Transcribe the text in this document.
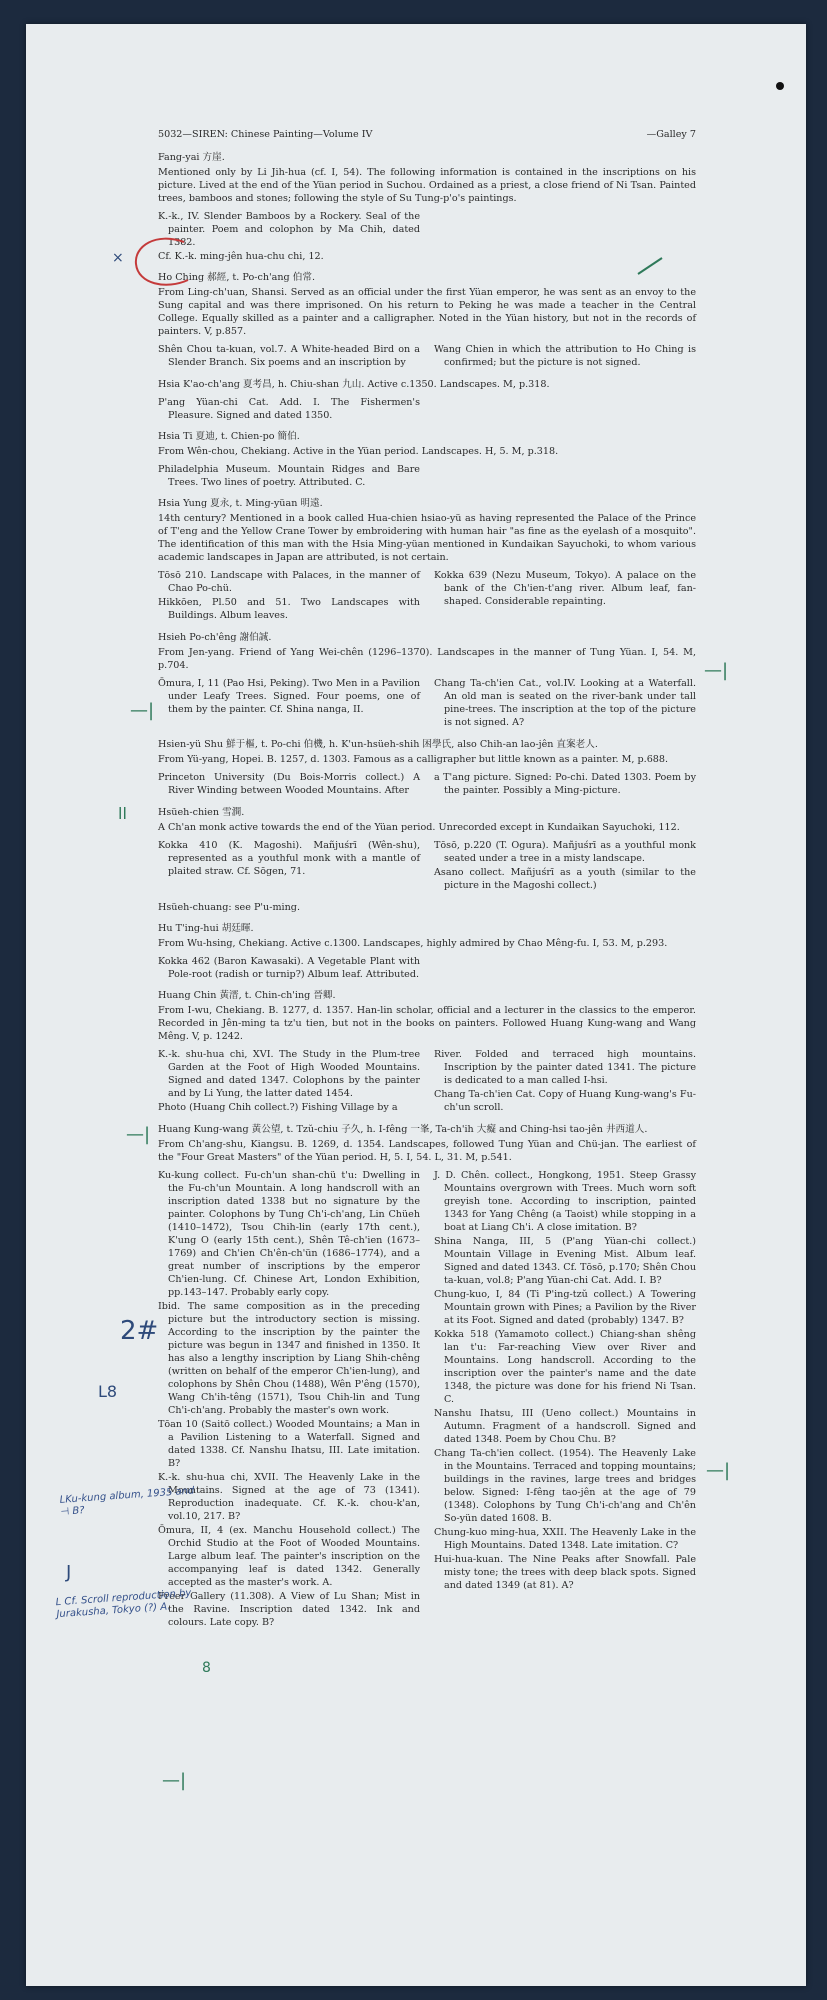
5032—SIREN: Chinese Painting—Volume IV	—Galley 7

Fang-yai 方崖.

Mentioned only by Li Jih-hua (cf. I, 54). The following information is contained in the inscriptions on his picture. Lived at the end of the Yüan period in Suchou. Ordained as a priest, a close friend of Ni Tsan. Painted trees, bamboos and stones; following the style of Su Tung-p'o's paintings.

K.-k., IV. Slender Bamboos by a Rockery. Seal of the painter. Poem and colophon by Ma Chih, dated 1382.

Cf. K.-k. ming-jên hua-chu chi, 12.

Ho Ching 郝經, t. Po-ch'ang 伯常.

From Ling-ch'uan, Shansi. Served as an official under the first Yüan emperor, he was sent as an envoy to the Sung capital and was there imprisoned. On his return to Peking he was made a teacher in the Central College. Equally skilled as a painter and a calligrapher. Noted in the Yüan history, but not in the records of painters. V, p.857.

Shên Chou ta-kuan, vol.7. A White-headed Bird on a Slender Branch. Six poems and an inscription by

Wang Chien in which the attribution to Ho Ching is confirmed; but the picture is not signed.

Hsia K'ao-ch'ang 夏考昌, h. Chiu-shan 九山. Active c.1350. Landscapes. M, p.318.

P'ang Yüan-chi Cat. Add. I. The Fishermen's Pleasure. Signed and dated 1350.

Hsia Ti 夏迪, t. Chien-po 簡伯.

From Wên-chou, Chekiang. Active in the Yüan period. Landscapes. H, 5. M, p.318.

Philadelphia Museum. Mountain Ridges and Bare Trees. Two lines of poetry. Attributed. C.

Hsia Yung 夏永, t. Ming-yüan 明遠.

14th century? Mentioned in a book called Hua-chien hsiao-yü as having represented the Palace of the Prince of T'eng and the Yellow Crane Tower by embroidering with human hair "as fine as the eyelash of a mosquito". The identification of this man with the Hsia Ming-yüan mentioned in Kundaikan Sayuchoki, to whom various academic landscapes in Japan are attributed, is not certain.

Tōsō 210. Landscape with Palaces, in the manner of Chao Po-chü.

Hikkōen, Pl.50 and 51. Two Landscapes with Buildings. Album leaves.

Kokka 639 (Nezu Museum, Tokyo). A palace on the bank of the Ch'ien-t'ang river. Album leaf, fan-shaped. Considerable repainting.

Hsieh Po-ch'êng 謝伯誠.

From Jen-yang. Friend of Yang Wei-chên (1296–1370). Landscapes in the manner of Tung Yüan. I, 54. M, p.704.

Ōmura, I, 11 (Pao Hsi, Peking). Two Men in a Pavilion under Leafy Trees. Signed. Four poems, one of them by the painter. Cf. Shina nanga, II.

Chang Ta-ch'ien Cat., vol.IV. Looking at a Waterfall. An old man is seated on the river-bank under tall pine-trees. The inscription at the top of the picture is not signed. A?

Hsien-yü Shu 鮮于樞, t. Po-chi 伯機, h. K'un-hsüeh-shih 困學氏, also Chih-an lao-jên 直案老人.

From Yü-yang, Hopei. B. 1257, d. 1303. Famous as a calligrapher but little known as a painter. M, p.688.

Princeton University (Du Bois-Morris collect.) A River Winding between Wooded Mountains. After

a T'ang picture. Signed: Po-chi. Dated 1303. Poem by the painter. Possibly a Ming-picture.

Hsüeh-chien 雪澗.

A Ch'an monk active towards the end of the Yüan period. Unrecorded except in Kundaikan Sayuchoki, 112.

Kokka 410 (K. Magoshi). Mañjuśrī (Wên-shu), represented as a youthful monk with a mantle of plaited straw. Cf. Sōgen, 71.

Tōsō, p.220 (T. Ogura). Mañjuśrī as a youthful monk seated under a tree in a misty landscape.

Asano collect. Mañjuśrī as a youth (similar to the picture in the Magoshi collect.)

Hsüeh-chuang: see P'u-ming.

Hu T'ing-hui 胡廷暉.

From Wu-hsing, Chekiang. Active c.1300. Landscapes, highly admired by Chao Mêng-fu. I, 53. M, p.293.

Kokka 462 (Baron Kawasaki). A Vegetable Plant with Pole-root (radish or turnip?) Album leaf. Attributed.

Huang Chin 黃溍, t. Chin-ch'ing 晉卿.

From I-wu, Chekiang. B. 1277, d. 1357. Han-lin scholar, official and a lecturer in the classics to the emperor. Recorded in Jên-ming ta tz'u tien, but not in the books on painters. Followed Huang Kung-wang and Wang Mêng. V, p. 1242.

K.-k. shu-hua chi, XVI. The Study in the Plum-tree Garden at the Foot of High Wooded Mountains. Signed and dated 1347. Colophons by the painter and by Li Yung, the latter dated 1454.

Photo (Huang Chih collect.?) Fishing Village by a

River. Folded and terraced high mountains. Inscription by the painter dated 1341. The picture is dedicated to a man called I-hsi.

Chang Ta-ch'ien Cat. Copy of Huang Kung-wang's Fu-ch'un scroll.

Huang Kung-wang 黃公望, t. Tzŭ-chiu 子久, h. I-fêng 一峯, Ta-ch'ih 大癡 and Ching-hsi tao-jên 井西道人.

From Ch'ang-shu, Kiangsu. B. 1269, d. 1354. Landscapes, followed Tung Yüan and Chü-jan. The earliest of the "Four Great Masters" of the Yüan period. H, 5. I, 54. L, 31. M, p.541.

Ku-kung collect. Fu-ch'un shan-chü t'u: Dwelling in the Fu-ch'un Mountain. A long handscroll with an inscription dated 1338 but no signature by the painter. Colophons by Tung Ch'i-ch'ang, Lin Chüeh (1410–1472), Tsou Chih-lin (early 17th cent.), K'ung O (early 15th cent.), Shên Tê-ch'ien (1673–1769) and Ch'ien Ch'ên-ch'ün (1686–1774), and a great number of inscriptions by the emperor Ch'ien-lung. Cf. Chinese Art, London Exhibition, pp.143–147. Probably early copy.

Ibid. The same composition as in the preceding picture but the introductory section is missing. According to the inscription by the painter the picture was begun in 1347 and finished in 1350. It has also a lengthy inscription by Liang Shih-chêng (written on behalf of the emperor Ch'ien-lung), and colophons by Shên Chou (1488), Wên P'êng (1570), Wang Ch'ih-têng (1571), Tsou Chih-lin and Tung Ch'i-ch'ang. Probably the master's own work.

Tōan 10 (Saitō collect.) Wooded Mountains; a Man in a Pavilion Listening to a Waterfall. Signed and dated 1338. Cf. Nanshu Ihatsu, III. Late imitation. B?

K.-k. shu-hua chi, XVII. The Heavenly Lake in the Mountains. Signed at the age of 73 (1341). Reproduction inadequate. Cf. K.-k. chou-k'an, vol.10, 217. B?

Ōmura, II, 4 (ex. Manchu Household collect.) The Orchid Studio at the Foot of Wooded Mountains. Large album leaf. The painter's inscription on the accompanying leaf is dated 1342. Generally accepted as the master's work. A.

Freer Gallery (11.308). A View of Lu Shan; Mist in the Ravine. Inscription dated 1342. Ink and colours. Late copy. B?

J. D. Chên. collect., Hongkong, 1951. Steep Grassy Mountains overgrown with Trees. Much worn soft greyish tone. According to inscription, painted 1343 for Yang Chêng (a Taoist) while stopping in a boat at Liang Ch'i. A close imitation. B?

Shina Nanga, III, 5 (P'ang Yüan-chi collect.) Mountain Village in Evening Mist. Album leaf. Signed and dated 1343. Cf. Tōsō, p.170; Shên Chou ta-kuan, vol.8; P'ang Yüan-chi Cat. Add. I. B?

Chung-kuo, I, 84 (Ti P'ing-tzŭ collect.) A Towering Mountain grown with Pines; a Pavilion by the River at its Foot. Signed and dated (probably) 1347. B?

Kokka 518 (Yamamoto collect.) Chiang-shan shêng lan t'u: Far-reaching View over River and Mountains. Long handscroll. According to the inscription over the painter's name and the date 1348, the picture was done for his friend Ni Tsan. C.

Nanshu Ihatsu, III (Ueno collect.) Mountains in Autumn. Fragment of a handscroll. Signed and dated 1348. Poem by Chou Chu. B?

Chang Ta-ch'ien collect. (1954). The Heavenly Lake in the Mountains. Terraced and topping mountains; buildings in the ravines, large trees and bridges below. Signed: I-fêng tao-jên at the age of 79 (1348). Colophons by Tung Ch'i-ch'ang and Ch'ên So-yün dated 1608. B.

Chung-kuo ming-hua, XXII. The Heavenly Lake in the High Mountains. Dated 1348. Late imitation. C?

Hui-hua-kuan. The Nine Peaks after Snowfall. Pale misty tone; the trees with deep black spots. Signed and dated 1349 (at 81). A?

×
—|
—|
ll
—|
2#
L8
—|
LKu-kung album, 1935 and ⊣ B?
J
L Cf. Scroll reproduction by Jurakusha, Tokyo (?) A.
8
—|
